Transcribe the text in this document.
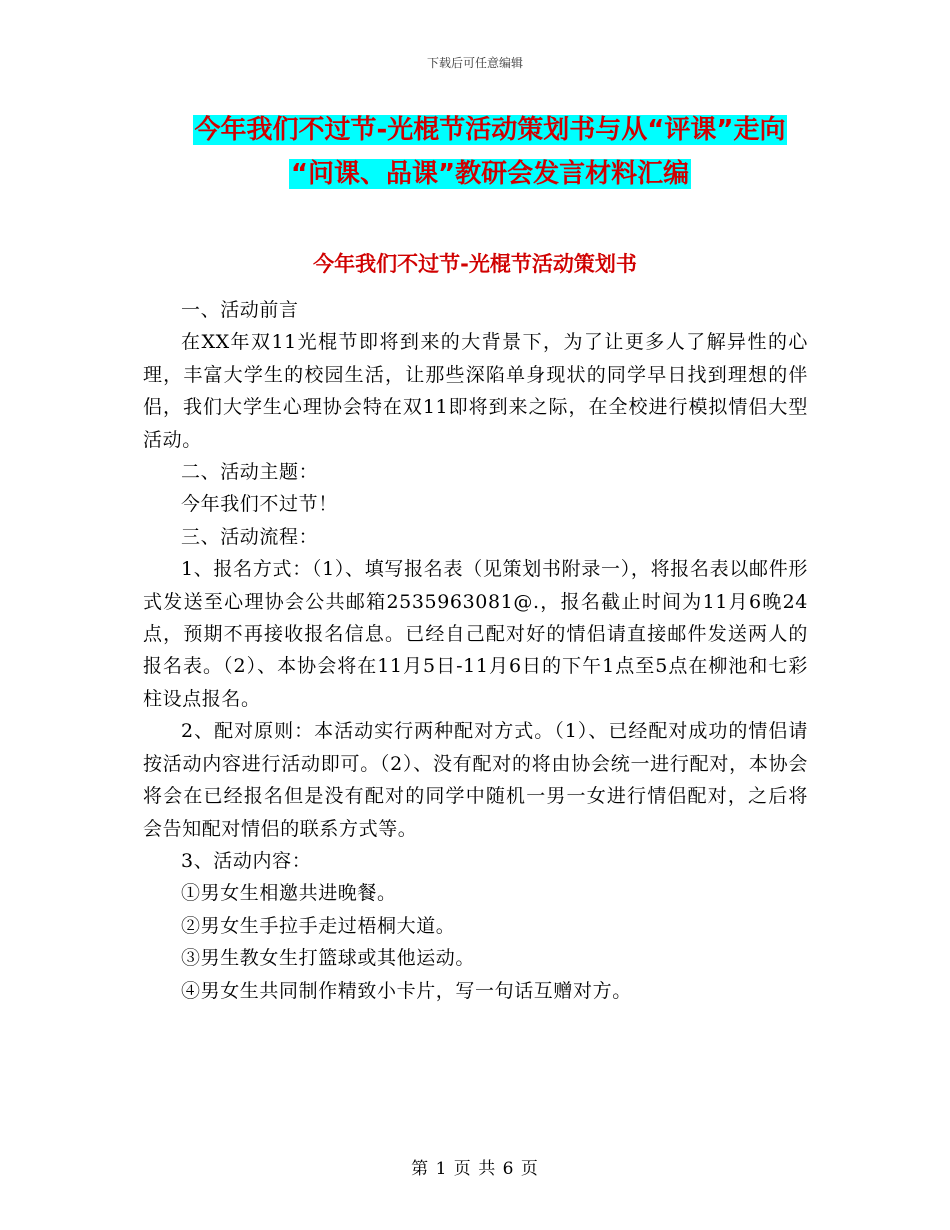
下载后可任意编辑
今年我们不过节-光棍节活动策划书与从“评课”走向
“问课、品课”教研会发言材料汇编
今年我们不过节-光棍节活动策划书

一、活动前言

在XX年双11光棍节即将到来的大背景下，为了让更多人了解异性的心理，丰富大学生的校园生活，让那些深陷单身现状的同学早日找到理想的伴侣，我们大学生心理协会特在双11即将到来之际，在全校进行模拟情侣大型活动。

二、活动主题：

今年我们不过节！

三、活动流程：

1、报名方式：（1）、填写报名表（见策划书附录一），将报名表以邮件形式发送至心理协会公共邮箱2535963081@.，报名截止时间为11月6晚24点，预期不再接收报名信息。已经自己配对好的情侣请直接邮件发送两人的报名表。（2）、本协会将在11月5日-11月6日的下午1点至5点在柳池和七彩柱设点报名。

2、配对原则：本活动实行两种配对方式。（1）、已经配对成功的情侣请按活动内容进行活动即可。（2）、没有配对的将由协会统一进行配对，本协会将会在已经报名但是没有配对的同学中随机一男一女进行情侣配对，之后将会告知配对情侣的联系方式等。

3、活动内容：

①男女生相邀共进晚餐。

②男女生手拉手走过梧桐大道。

③男生教女生打篮球或其他运动。

④男女生共同制作精致小卡片，写一句话互赠对方。

第 1 页 共 6 页
